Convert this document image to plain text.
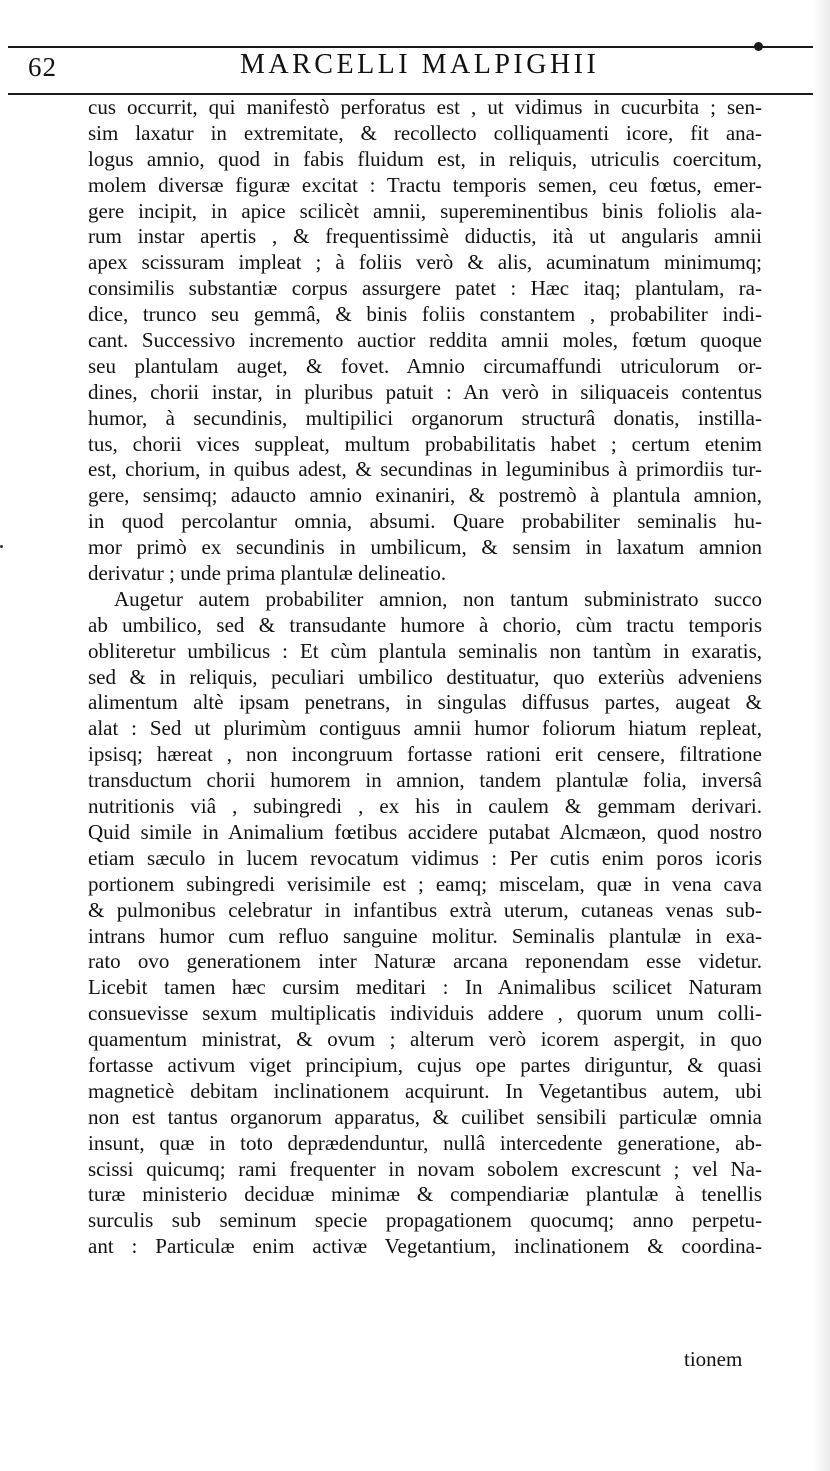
62	MARCELLI MALPIGHII
cus occurrit, qui manifestò perforatus est , ut vidimus in cucurbita ; sen-
sim laxatur in extremitate, & recollecto colliquamenti icore, fit ana-
logus amnio, quod in fabis fluidum est, in reliquis, utriculis coercitum,
molem diversæ figuræ excitat : Tractu temporis semen, ceu fœtus, emer-
gere incipit, in apice scilicèt amnii, supereminentibus binis foliolis ala-
rum instar apertis , & frequentissimè diductis, ità ut angularis amnii
apex scissuram impleat ; à foliis verò & alis, acuminatum minimumq;
consimilis substantiæ corpus assurgere patet : Hæc itaq; plantulam, ra-
dice, trunco seu gemmâ, & binis foliis constantem , probabiliter indi-
cant. Successivo incremento auctior reddita amnii moles, fœtum quoque
seu plantulam auget, & fovet. Amnio circumaffundi utriculorum or-
dines, chorii instar, in pluribus patuit : An verò in siliquaceis contentus
humor, à secundinis, multipilici organorum structurâ donatis, instilla-
tus, chorii vices suppleat, multum probabilitatis habet ; certum etenim
est, chorium, in quibus adest, & secundinas in leguminibus à primordiis tur-
gere, sensimq; adaucto amnio exinaniri, & postremò à plantula amnion,
in quod percolantur omnia, absumi. Quare probabiliter seminalis hu-
mor primò ex secundinis in umbilicum, & sensim in laxatum amnion
derivatur ; unde prima plantulæ delineatio.
Augetur autem probabiliter amnion, non tantum subministrato succo
ab umbilico, sed & transudante humore à chorio, cùm tractu temporis
obliteretur umbilicus : Et cùm plantula seminalis non tantùm in exaratis,
sed & in reliquis, peculiari umbilico destituatur, quo exteriùs adveniens
alimentum altè ipsam penetrans, in singulas diffusus partes, augeat &
alat : Sed ut plurimùm contiguus amnii humor foliorum hiatum repleat,
ipsisq; hæreat , non incongruum fortasse rationi erit censere, filtratione
transductum chorii humorem in amnion, tandem plantulæ folia, inversâ
nutritionis viâ , subingredi , ex his in caulem & gemmam derivari.
Quid simile in Animalium fœtibus accidere putabat Alcmæon, quod nostro
etiam sæculo in lucem revocatum vidimus : Per cutis enim poros icoris
portionem subingredi verisimile est ; eamq; miscelam, quæ in vena cava
& pulmonibus celebratur in infantibus extrà uterum, cutaneas venas sub-
intrans humor cum refluo sanguine molitur. Seminalis plantulæ in exa-
rato ovo generationem inter Naturæ arcana reponendam esse videtur.
Licebit tamen hæc cursim meditari : In Animalibus scilicet Naturam
consuevisse sexum multiplicatis individuis addere , quorum unum colli-
quamentum ministrat, & ovum ; alterum verò icorem aspergit, in quo
fortasse activum viget principium, cujus ope partes diriguntur, & quasi
magneticè debitam inclinationem acquirunt. In Vegetantibus autem, ubi
non est tantus organorum apparatus, & cuilibet sensibili particulæ omnia
insunt, quæ in toto deprædenduntur, nullâ intercedente generatione, ab-
scissi quicumq; rami frequenter in novam sobolem excrescunt ; vel Na-
turæ ministerio deciduæ minimæ & compendiariæ plantulæ à tenellis
surculis sub seminum specie propagationem quocumq; anno perpetu-
ant : Particulæ enim activæ Vegetantium, inclinationem & coordina-
tionem
